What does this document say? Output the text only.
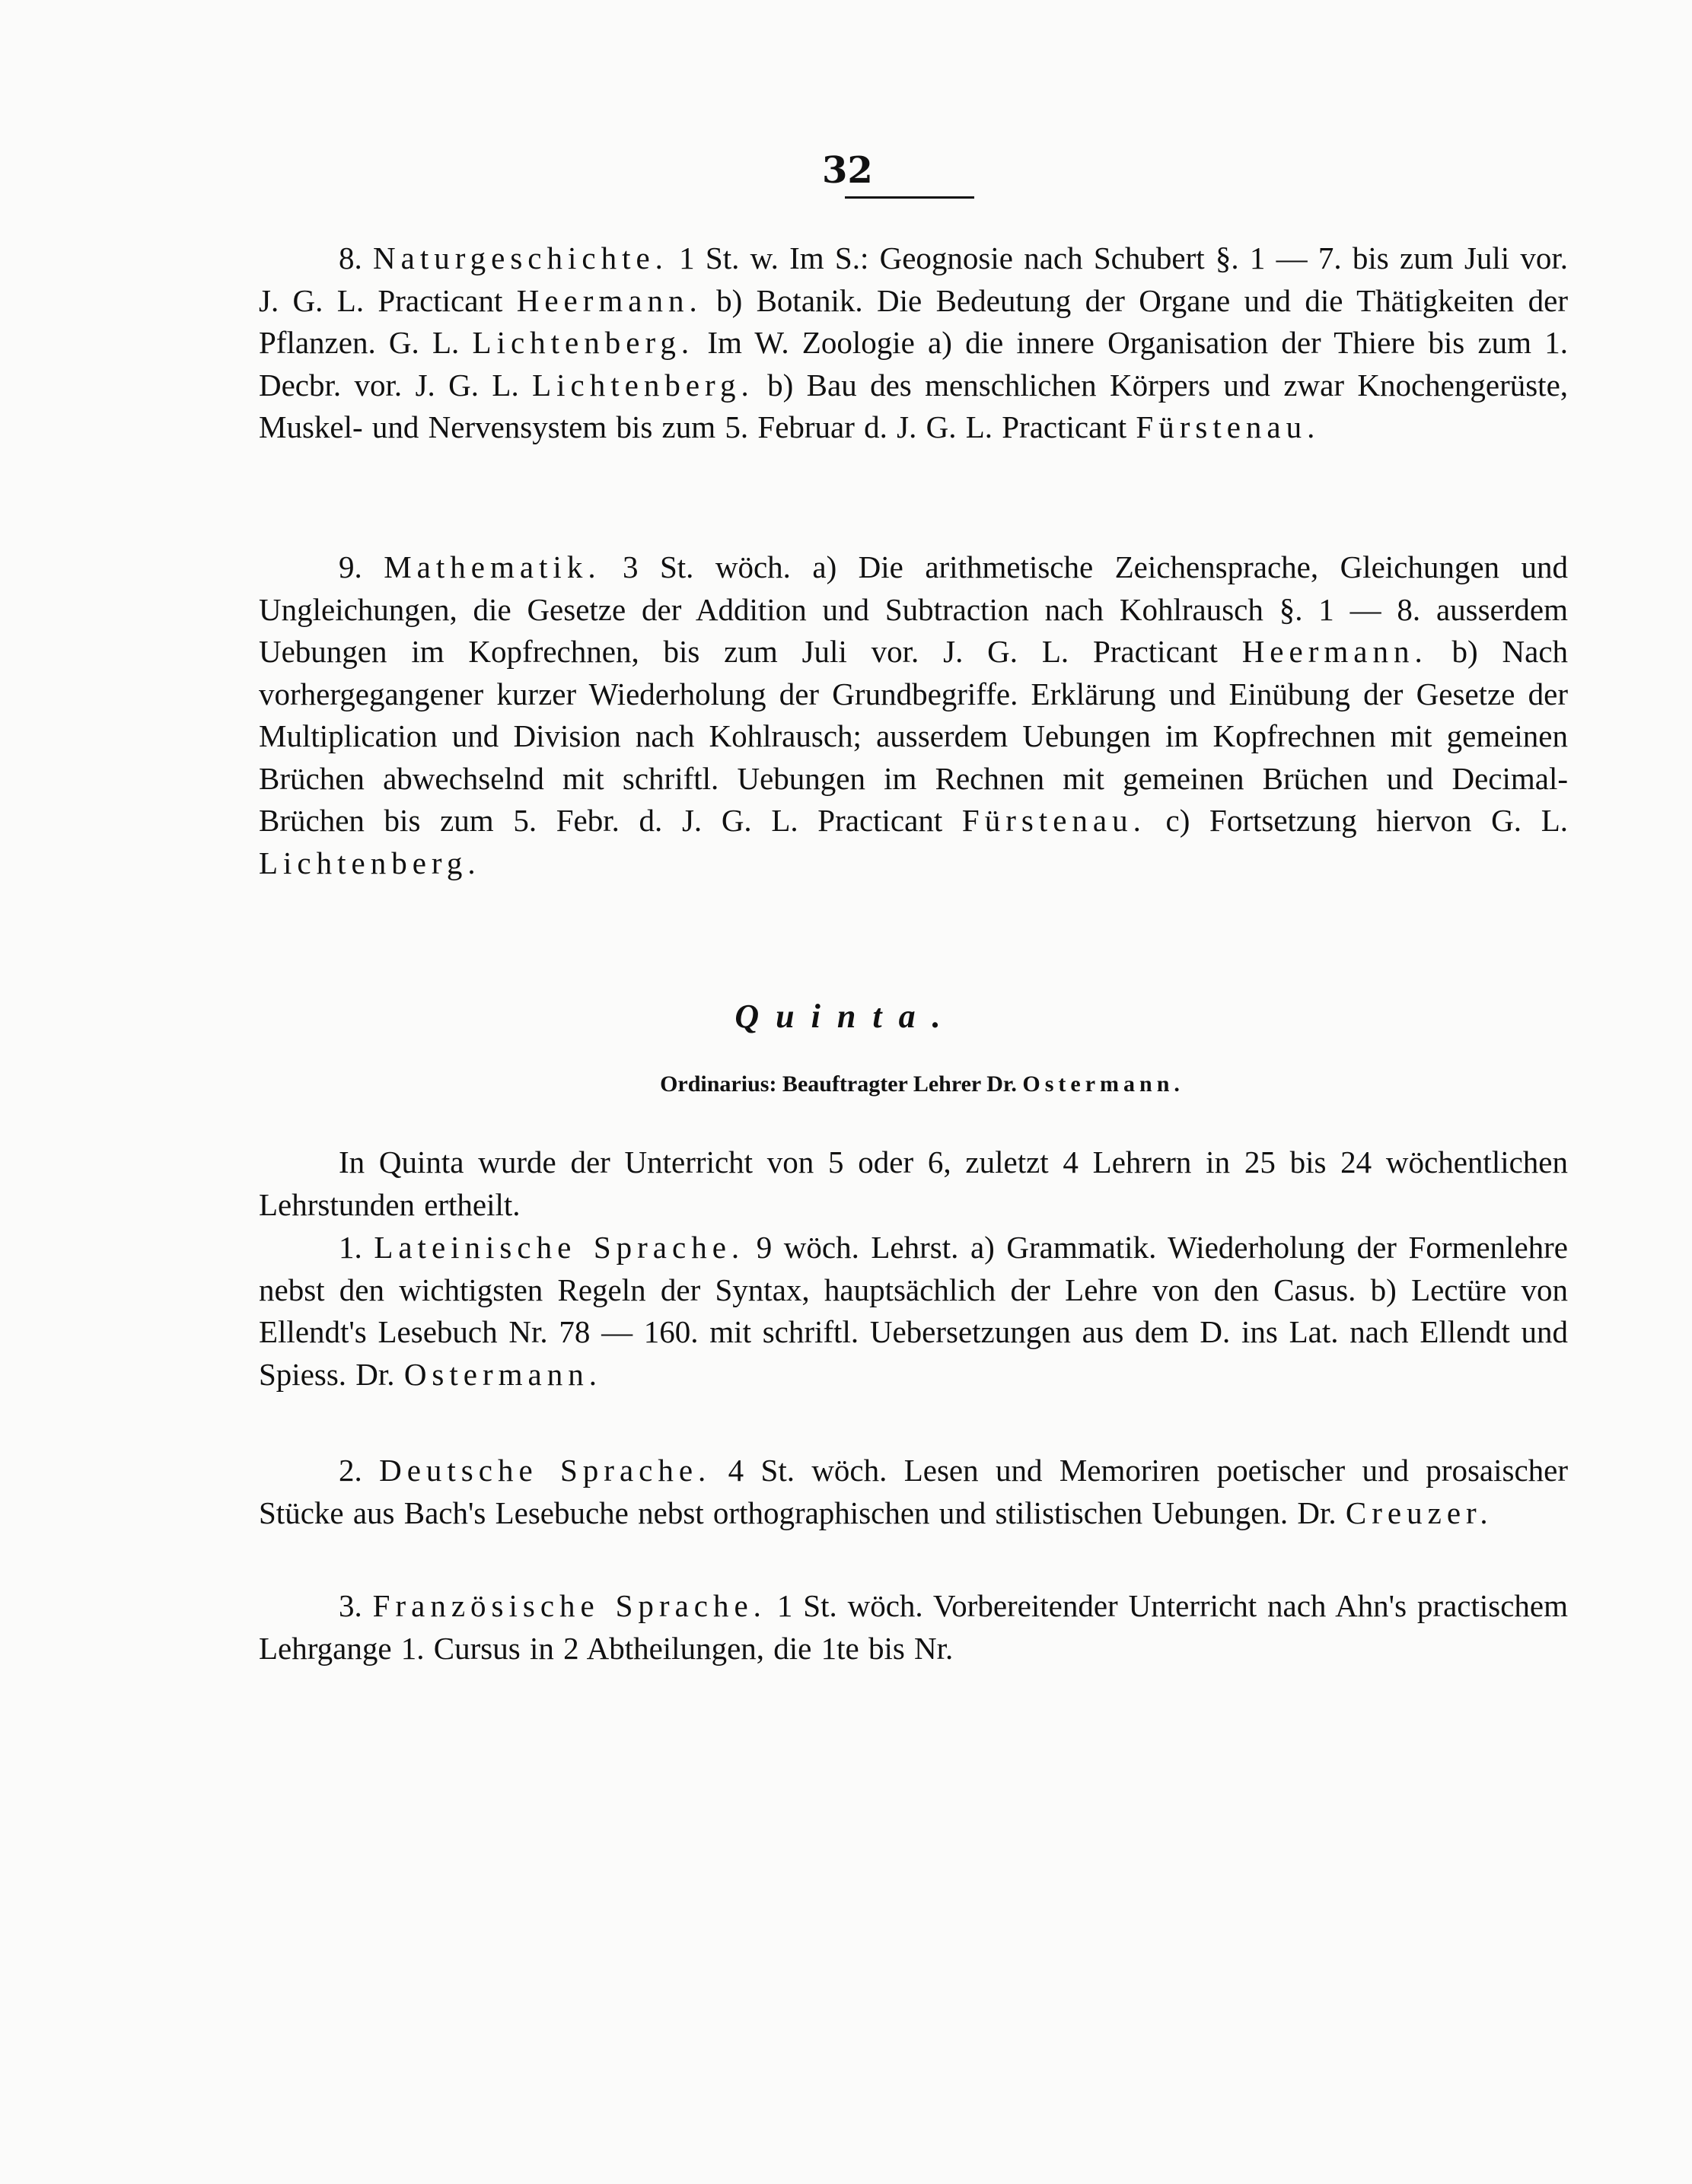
32

8. Naturgeschichte. 1 St. w. Im S.: Geognosie nach Schubert §. 1 — 7. bis zum Juli vor. J. G. L. Practicant Heermann. b) Botanik. Die Bedeutung der Organe und die Thätigkeiten der Pflanzen. G. L. Lichtenberg. Im W. Zoologie a) die innere Organisation der Thiere bis zum 1. Decbr. vor. J. G. L. Lichtenberg. b) Bau des menschlichen Körpers und zwar Knochengerüste, Muskel- und Nervensystem bis zum 5. Februar d. J. G. L. Practicant Fürstenau.

9. Mathematik. 3 St. wöch. a) Die arithmetische Zeichensprache, Gleichungen und Ungleichungen, die Gesetze der Addition und Subtraction nach Kohlrausch §. 1 — 8. ausserdem Uebungen im Kopfrechnen, bis zum Juli vor. J. G. L. Practicant Heermann. b) Nach vorhergegangener kurzer Wiederholung der Grundbegriffe. Erklärung und Einübung der Gesetze der Multiplication und Division nach Kohlrausch; ausserdem Uebungen im Kopfrechnen mit gemeinen Brüchen abwechselnd mit schriftl. Uebungen im Rechnen mit gemeinen Brüchen und Decimal-Brüchen bis zum 5. Febr. d. J. G. L. Practicant Fürstenau. c) Fortsetzung hiervon G. L. Lichtenberg.

Quinta.
Ordinarius: Beauftragter Lehrer Dr. Ostermann.

In Quinta wurde der Unterricht von 5 oder 6, zuletzt 4 Lehrern in 25 bis 24 wöchentlichen Lehrstunden ertheilt.

1. Lateinische Sprache. 9 wöch. Lehrst. a) Grammatik. Wiederholung der Formenlehre nebst den wichtigsten Regeln der Syntax, hauptsächlich der Lehre von den Casus. b) Lectüre von Ellendt's Lesebuch Nr. 78 — 160. mit schriftl. Uebersetzungen aus dem D. ins Lat. nach Ellendt und Spiess. Dr. Ostermann.

2. Deutsche Sprache. 4 St. wöch. Lesen und Memoriren poetischer und prosaischer Stücke aus Bach's Lesebuche nebst orthographischen und stilistischen Uebungen. Dr. Creuzer.

3. Französische Sprache. 1 St. wöch. Vorbereitender Unterricht nach Ahn's practischem Lehrgange 1. Cursus in 2 Abtheilungen, die 1te bis Nr.
